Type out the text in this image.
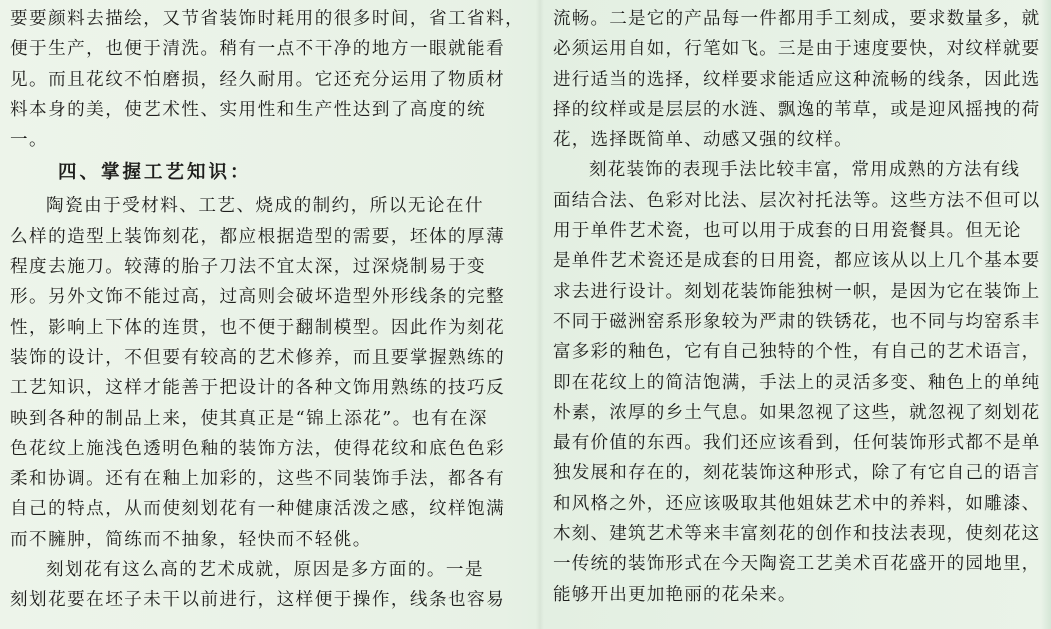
要要颜料去描绘，又节省装饰时耗用的很多时间，省工省料，
便于生产，也便于清洗。稍有一点不干净的地方一眼就能看
见。而且花纹不怕磨损，经久耐用。它还充分运用了物质材
料本身的美，使艺术性、实用性和生产性达到了高度的统
一。
四、掌握工艺知识：
陶瓷由于受材料、工艺、烧成的制约，所以无论在什
么样的造型上装饰刻花，都应根据造型的需要，坯体的厚薄
程度去施刀。较薄的胎子刀法不宜太深，过深烧制易于变
形。另外文饰不能过高，过高则会破坏造型外形线条的完整
性，影响上下体的连贯，也不便于翻制模型。因此作为刻花
装饰的设计，不但要有较高的艺术修养，而且要掌握熟练的
工艺知识，这样才能善于把设计的各种文饰用熟练的技巧反
映到各种的制品上来，使其真正是“锦上添花”。也有在深
色花纹上施浅色透明色釉的装饰方法，使得花纹和底色色彩
柔和协调。还有在釉上加彩的，这些不同装饰手法，都各有
自己的特点，从而使刻划花有一种健康活泼之感，纹样饱满
而不臃肿，简练而不抽象，轻快而不轻佻。
刻划花有这么高的艺术成就，原因是多方面的。一是
刻划花要在坯子未干以前进行，这样便于操作，线条也容易
流畅。二是它的产品每一件都用手工刻成，要求数量多，就
必须运用自如，行笔如飞。三是由于速度要快，对纹样就要
进行适当的选择，纹样要求能适应这种流畅的线条，因此选
择的纹样或是层层的水涟、飘逸的苇草，或是迎风摇拽的荷
花，选择既简单、动感又强的纹样。
刻花装饰的表现手法比较丰富，常用成熟的方法有线
面结合法、色彩对比法、层次衬托法等。这些方法不但可以
用于单件艺术瓷，也可以用于成套的日用瓷餐具。但无论
是单件艺术瓷还是成套的日用瓷，都应该从以上几个基本要
求去进行设计。刻划花装饰能独树一帜，是因为它在装饰上
不同于磁洲窑系形象较为严肃的铁锈花，也不同与均窑系丰
富多彩的釉色，它有自己独特的个性，有自己的艺术语言，
即在花纹上的简洁饱满，手法上的灵活多变、釉色上的单纯
朴素，浓厚的乡土气息。如果忽视了这些，就忽视了刻划花
最有价值的东西。我们还应该看到，任何装饰形式都不是单
独发展和存在的，刻花装饰这种形式，除了有它自己的语言
和风格之外，还应该吸取其他姐妹艺术中的养料，如雕漆、
木刻、建筑艺术等来丰富刻花的创作和技法表现，使刻花这
一传统的装饰形式在今天陶瓷工艺美术百花盛开的园地里，
能够开出更加艳丽的花朵来。
